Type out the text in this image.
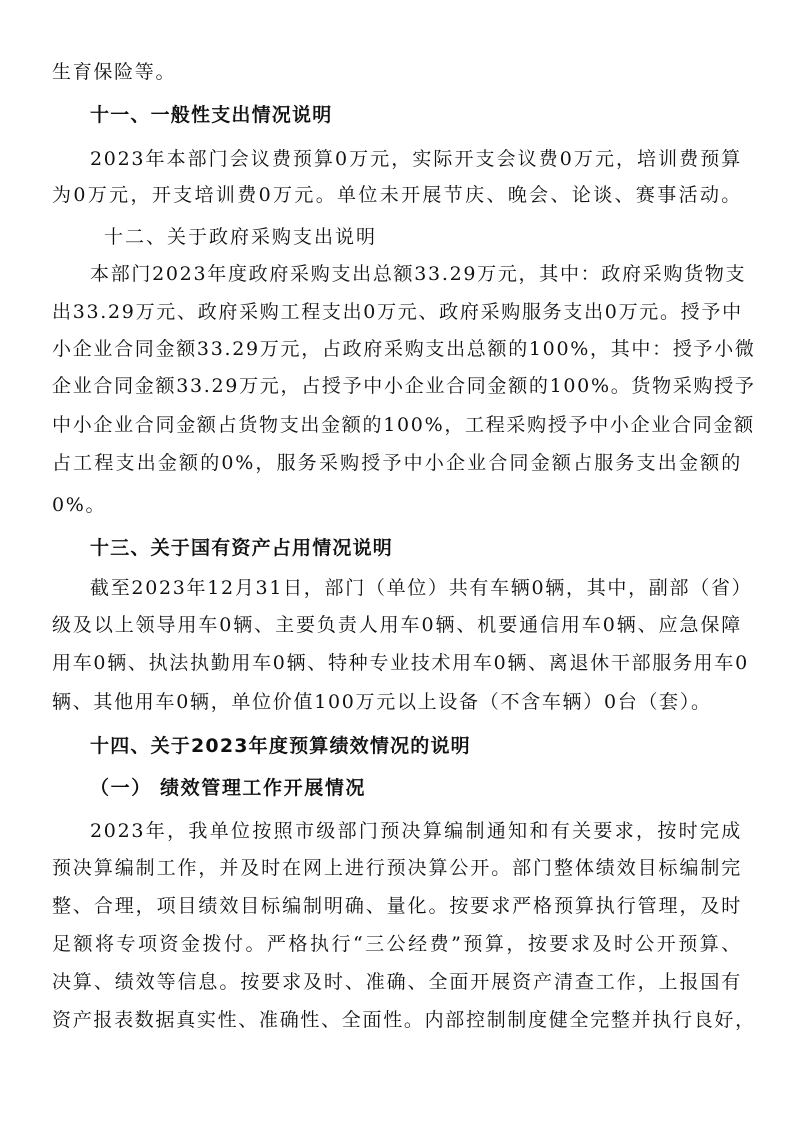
生育保险等。
十一、一般性支出情况说明
2023年本部门会议费预算0万元，实际开支会议费0万元，培训费预算
为0万元，开支培训费0万元。单位未开展节庆、晚会、论谈、赛事活动。
十二、关于政府采购支出说明
本部门2023年度政府采购支出总额33.29万元，其中：政府采购货物支
出33.29万元、政府采购工程支出0万元、政府采购服务支出0万元。授予中
小企业合同金额33.29万元，占政府采购支出总额的100%，其中：授予小微
企业合同金额33.29万元，占授予中小企业合同金额的100%。货物采购授予
中小企业合同金额占货物支出金额的100%，工程采购授予中小企业合同金额
占工程支出金额的0%，服务采购授予中小企业合同金额占服务支出金额的
0%。
十三、关于国有资产占用情况说明
截至2023年12月31日，部门（单位）共有车辆0辆，其中，副部（省）
级及以上领导用车0辆、主要负责人用车0辆、机要通信用车0辆、应急保障
用车0辆、执法执勤用车0辆、特种专业技术用车0辆、离退休干部服务用车0
辆、其他用车0辆，单位价值100万元以上设备（不含车辆）0台（套）。
十四、关于2023年度预算绩效情况的说明
（一） 绩效管理工作开展情况
2023年，我单位按照市级部门预决算编制通知和有关要求，按时完成
预决算编制工作，并及时在网上进行预决算公开。部门整体绩效目标编制完
整、合理，项目绩效目标编制明确、量化。按要求严格预算执行管理，及时
足额将专项资金拨付。严格执行“三公经费”预算，按要求及时公开预算、
决算、绩效等信息。按要求及时、准确、全面开展资产清查工作，上报国有
资产报表数据真实性、准确性、全面性。内部控制制度健全完整并执行良好，
